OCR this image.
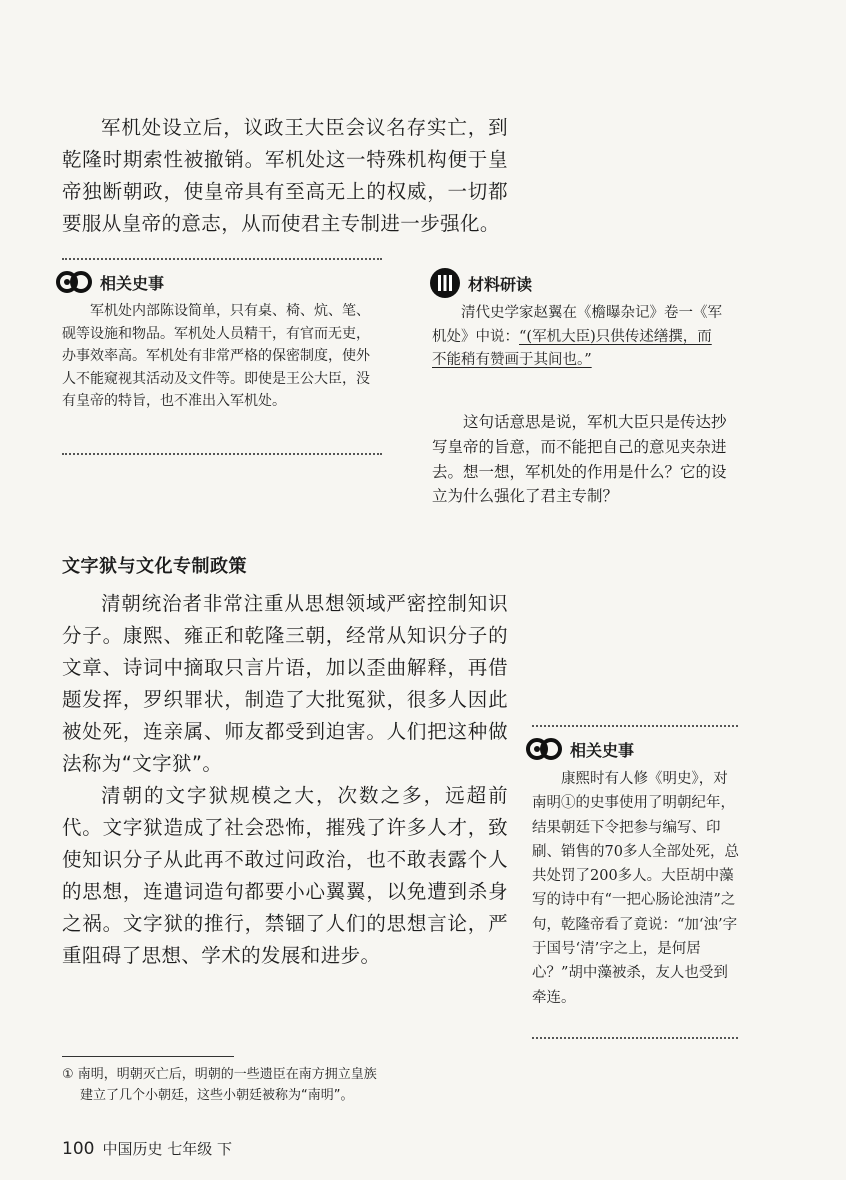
军机处设立后，议政王大臣会议名存实亡，到乾隆时期索性被撤销。军机处这一特殊机构便于皇帝独断朝政，使皇帝具有至高无上的权威，一切都要服从皇帝的意志，从而使君主专制进一步强化。

相关史事

军机处内部陈设简单，只有桌、椅、炕、笔、砚等设施和物品。军机处人员精干，有官而无吏，办事效率高。军机处有非常严格的保密制度，使外人不能窥视其活动及文件等。即使是王公大臣，没有皇帝的特旨，也不准出入军机处。

材料研读

清代史学家赵翼在《檐曝杂记》卷一《军机处》中说：“(军机大臣)只供传述缮撰，而不能稍有赞画于其间也。”

这句话意思是说，军机大臣只是传达抄写皇帝的旨意，而不能把自己的意见夹杂进去。想一想，军机处的作用是什么？它的设立为什么强化了君主专制？

文字狱与文化专制政策

清朝统治者非常注重从思想领域严密控制知识分子。康熙、雍正和乾隆三朝，经常从知识分子的文章、诗词中摘取只言片语，加以歪曲解释，再借题发挥，罗织罪状，制造了大批冤狱，很多人因此被处死，连亲属、师友都受到迫害。人们把这种做法称为“文字狱”。

清朝的文字狱规模之大，次数之多，远超前代。文字狱造成了社会恐怖，摧残了许多人才，致使知识分子从此再不敢过问政治，也不敢表露个人的思想，连遣词造句都要小心翼翼，以免遭到杀身之祸。文字狱的推行，禁锢了人们的思想言论，严重阻碍了思想、学术的发展和进步。

相关史事

康熙时有人修《明史》，对南明①的史事使用了明朝纪年，结果朝廷下令把参与编写、印刷、销售的70多人全部处死，总共处罚了200多人。大臣胡中藻写的诗中有“一把心肠论浊清”之句，乾隆帝看了竟说：“加‘浊’字于国号‘清’字之上，是何居心？”胡中藻被杀，友人也受到牵连。

① 南明，明朝灭亡后，明朝的一些遗臣在南方拥立皇族
建立了几个小朝廷，这些小朝廷被称为“南明”。
100 中国历史 七年级 下
